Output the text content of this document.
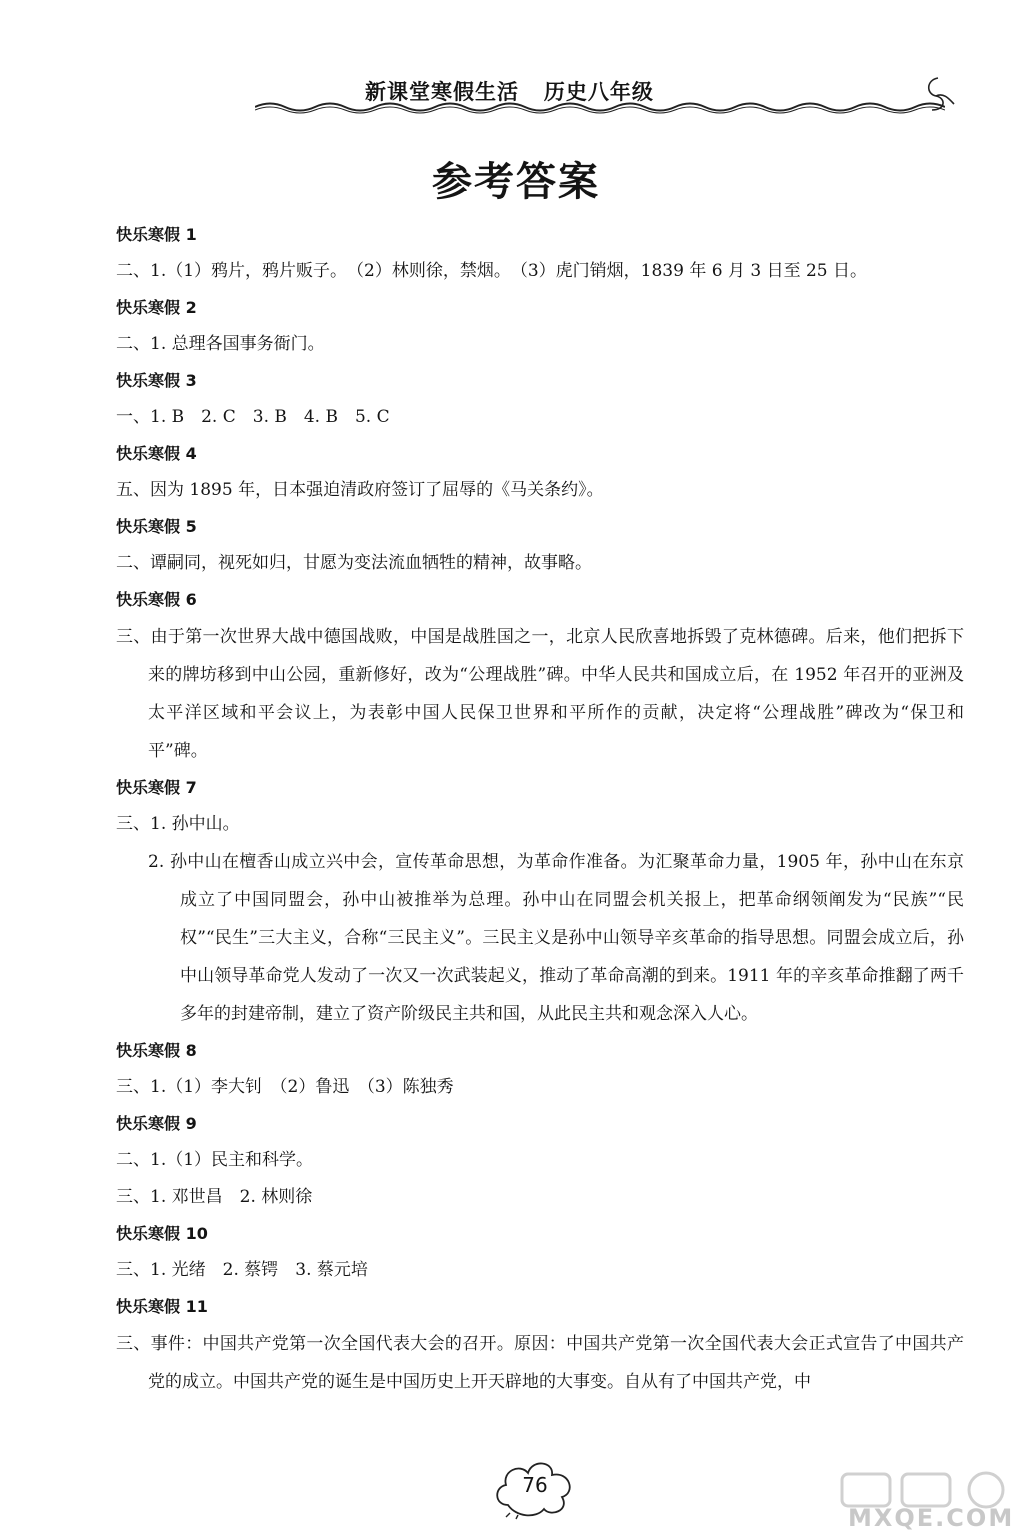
新课堂寒假生活   历史八年级
参考答案
快乐寒假 1
二、1.（1）鸦片，鸦片贩子。　（2）林则徐，禁烟。　（3）虎门销烟，1839 年 6 月 3 日至 25 日。
快乐寒假 2
二、1. 总理各国事务衙门。
快乐寒假 3
一、1. B　2. C　3. B　4. B　5. C
快乐寒假 4
五、因为 1895 年，日本强迫清政府签订了屈辱的《马关条约》。
快乐寒假 5
二、谭嗣同，视死如归，甘愿为变法流血牺牲的精神，故事略。
快乐寒假 6
三、由于第一次世界大战中德国战败，中国是战胜国之一，北京人民欣喜地拆毁了克林德碑。后来，他们把拆下来的牌坊移到中山公园，重新修好，改为“公理战胜”碑。中华人民共和国成立后，在 1952 年召开的亚洲及太平洋区域和平会议上，为表彰中国人民保卫世界和平所作的贡献，决定将“公理战胜”碑改为“保卫和平”碑。
快乐寒假 7
三、1. 孙中山。
2. 孙中山在檀香山成立兴中会，宣传革命思想，为革命作准备。为汇聚革命力量，1905 年，孙中山在东京成立了中国同盟会，孙中山被推举为总理。孙中山在同盟会机关报上，把革命纲领阐发为“民族”“民权”“民生”三大主义，合称“三民主义”。三民主义是孙中山领导辛亥革命的指导思想。同盟会成立后，孙中山领导革命党人发动了一次又一次武装起义，推动了革命高潮的到来。1911 年的辛亥革命推翻了两千多年的封建帝制，建立了资产阶级民主共和国，从此民主共和观念深入人心。
快乐寒假 8
三、1.（1）李大钊　（2）鲁迅　（3）陈独秀
快乐寒假 9
二、1.（1）民主和科学。
三、1. 邓世昌　2. 林则徐
快乐寒假 10
三、1. 光绪　2. 蔡锷　3. 蔡元培
快乐寒假 11
三、事件：中国共产党第一次全国代表大会的召开。原因：中国共产党第一次全国代表大会正式宣告了中国共产党的成立。中国共产党的诞生是中国历史上开天辟地的大事变。自从有了中国共产党，中
76
MXQE.COM
